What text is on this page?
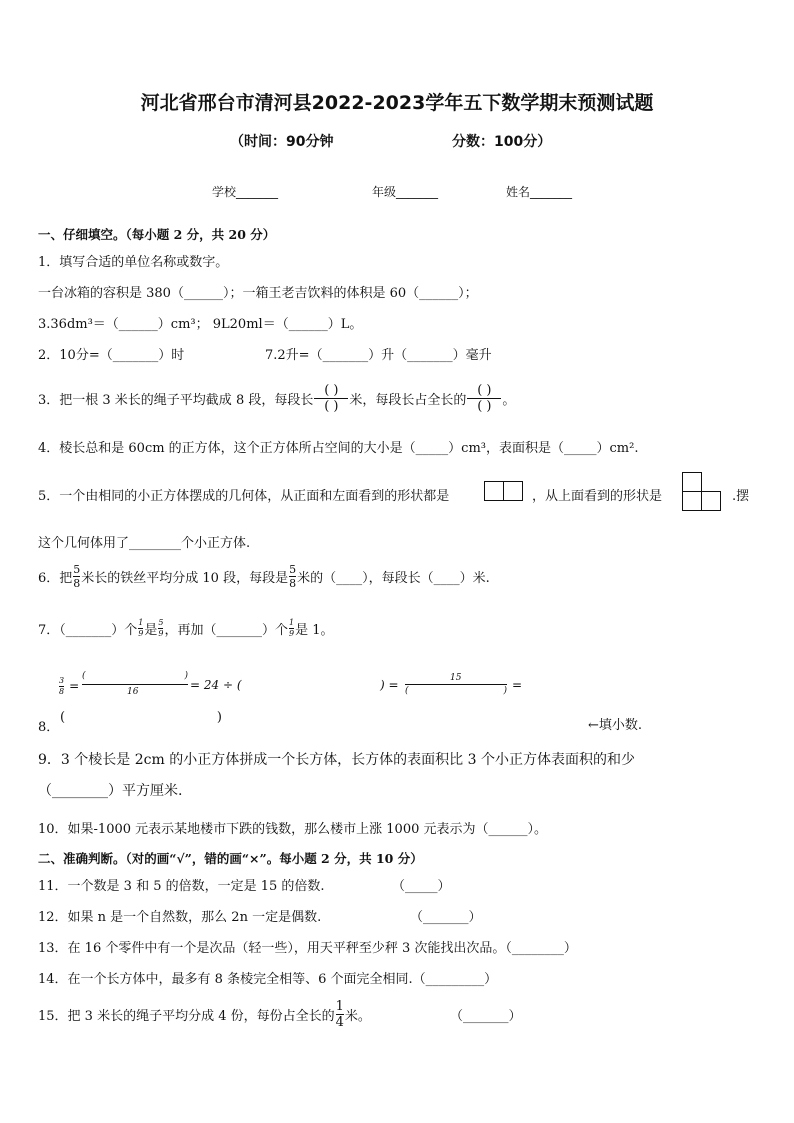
河北省邢台市清河县2022-2023学年五下数学期末预测试题
（时间：90分钟	分数：100分）
学校_______	年级_______	姓名_______
一、仔细填空。（每小题 2 分，共 20 分）
1．填写合适的单位名称或数字。
一台冰箱的容积是 380（______）；一箱王老吉饮料的体积是 60（______）；
3.36dm³＝（______）cm³； 9L20ml＝（______）L。
2．10分=（_______）时	7.2升=（_______）升（_______）毫升
3．把一根 3 米长的绳子平均截成 8 段，每段长 $\frac{( )}{( )}$ 米，每段长占全长的 $\frac{( )}{( )}$ 。
4．棱长总和是 60cm 的正方体，这个正方体所占空间的大小是（_____）cm³，表面积是（_____）cm².
5．一个由相同的小正方体摆成的几何体，从正面和左面看到的形状都是	，从上面看到的形状是	.摆
这个几何体用了________个小正方体.
6．把 $\frac{5}{8}$ 米长的铁丝平均分成 10 段，每段是 $\frac{5}{8}$ 米的（____），每段长（____）米.
7．（_______）个 $\frac{1}{9}$ 是 $\frac{5}{9}$ ，再加（_______）个 $\frac{1}{9}$ 是 1。
$\frac{3}{8}$ =
(	)
16	= 24 ÷ (	) =	15
(	) =
8．
(	)
←填小数.
9．3 个棱长是 2cm 的小正方体拼成一个长方体，长方体的表面积比 3 个小正方体表面积的和少
（________）平方厘米.
10．如果-1000 元表示某地楼市下跌的钱数，那么楼市上涨 1000 元表示为（______）。
二、准确判断。（对的画“√”，错的画“×”。每小题 2 分，共 10 分）
11．一个数是 3 和 5 的倍数，一定是 15 的倍数.	（_____）
12．如果 n 是一个自然数，那么 2n 一定是偶数.	（_______）
13．在 16 个零件中有一个是次品（轻一些），用天平秤至少秤 3 次能找出次品。（________）
14．在一个长方体中，最多有 8 条棱完全相等、6 个面完全相同.（_________）
15．把 3 米长的绳子平均分成 4 份，每份占全长的 $\frac{1}{4}$ 米。	（_______）
